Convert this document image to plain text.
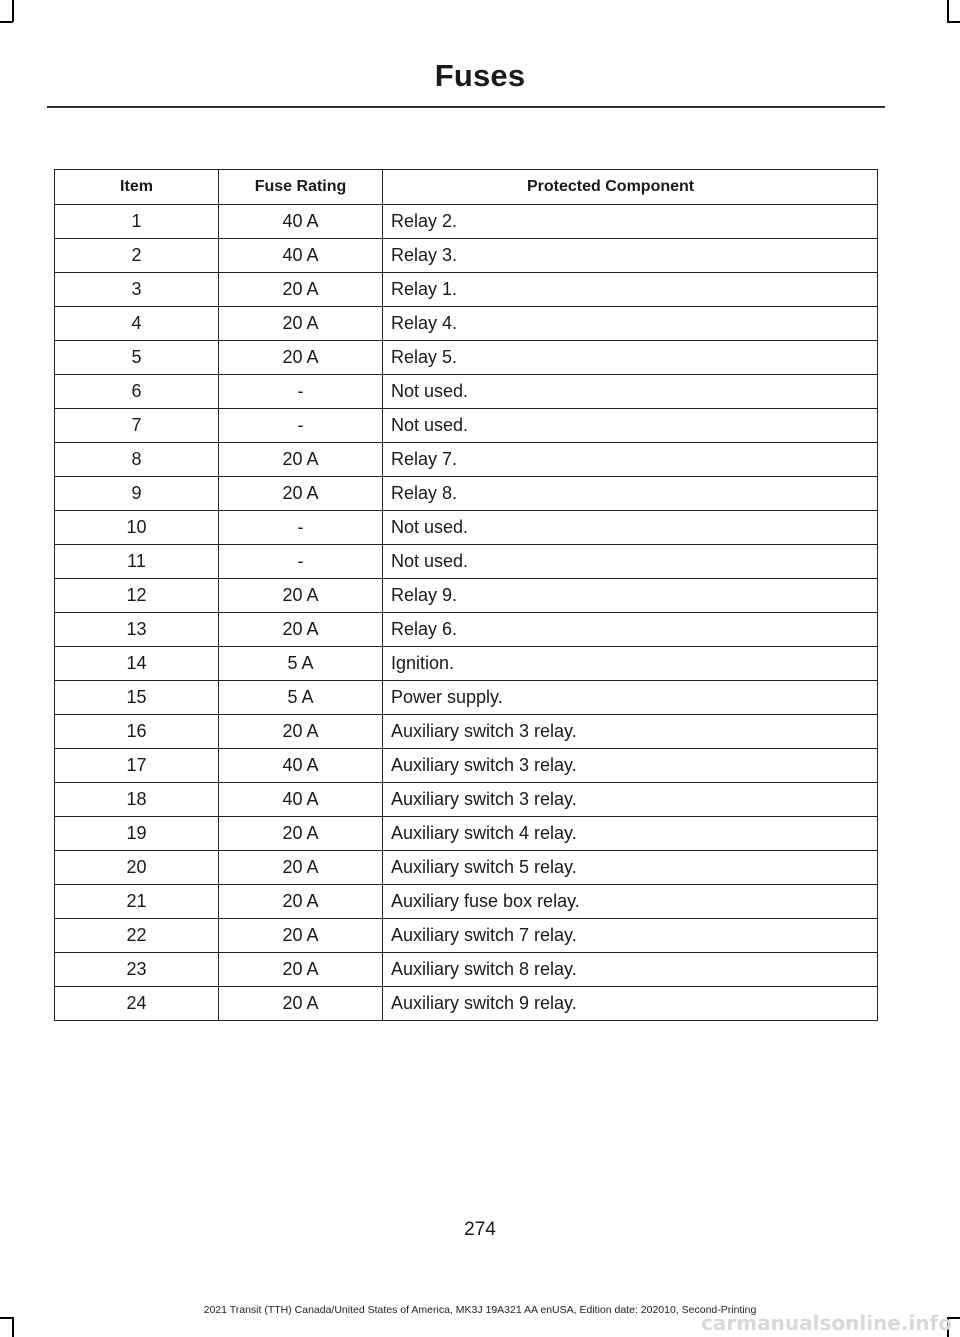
Fuses
Item	Fuse Rating	Protected Component
1	40 A	Relay 2.
2	40 A	Relay 3.
3	20 A	Relay 1.
4	20 A	Relay 4.
5	20 A	Relay 5.
6	-	Not used.
7	-	Not used.
8	20 A	Relay 7.
9	20 A	Relay 8.
10	-	Not used.
11	-	Not used.
12	20 A	Relay 9.
13	20 A	Relay 6.
14	5 A	Ignition.
15	5 A	Power supply.
16	20 A	Auxiliary switch 3 relay.
17	40 A	Auxiliary switch 3 relay.
18	40 A	Auxiliary switch 3 relay.
19	20 A	Auxiliary switch 4 relay.
20	20 A	Auxiliary switch 5 relay.
21	20 A	Auxiliary fuse box relay.
22	20 A	Auxiliary switch 7 relay.
23	20 A	Auxiliary switch 8 relay.
24	20 A	Auxiliary switch 9 relay.
274
2021 Transit (TTH) Canada/United States of America, MK3J 19A321 AA enUSA, Edition date: 202010, Second-Printing
carmanualsonline.info
